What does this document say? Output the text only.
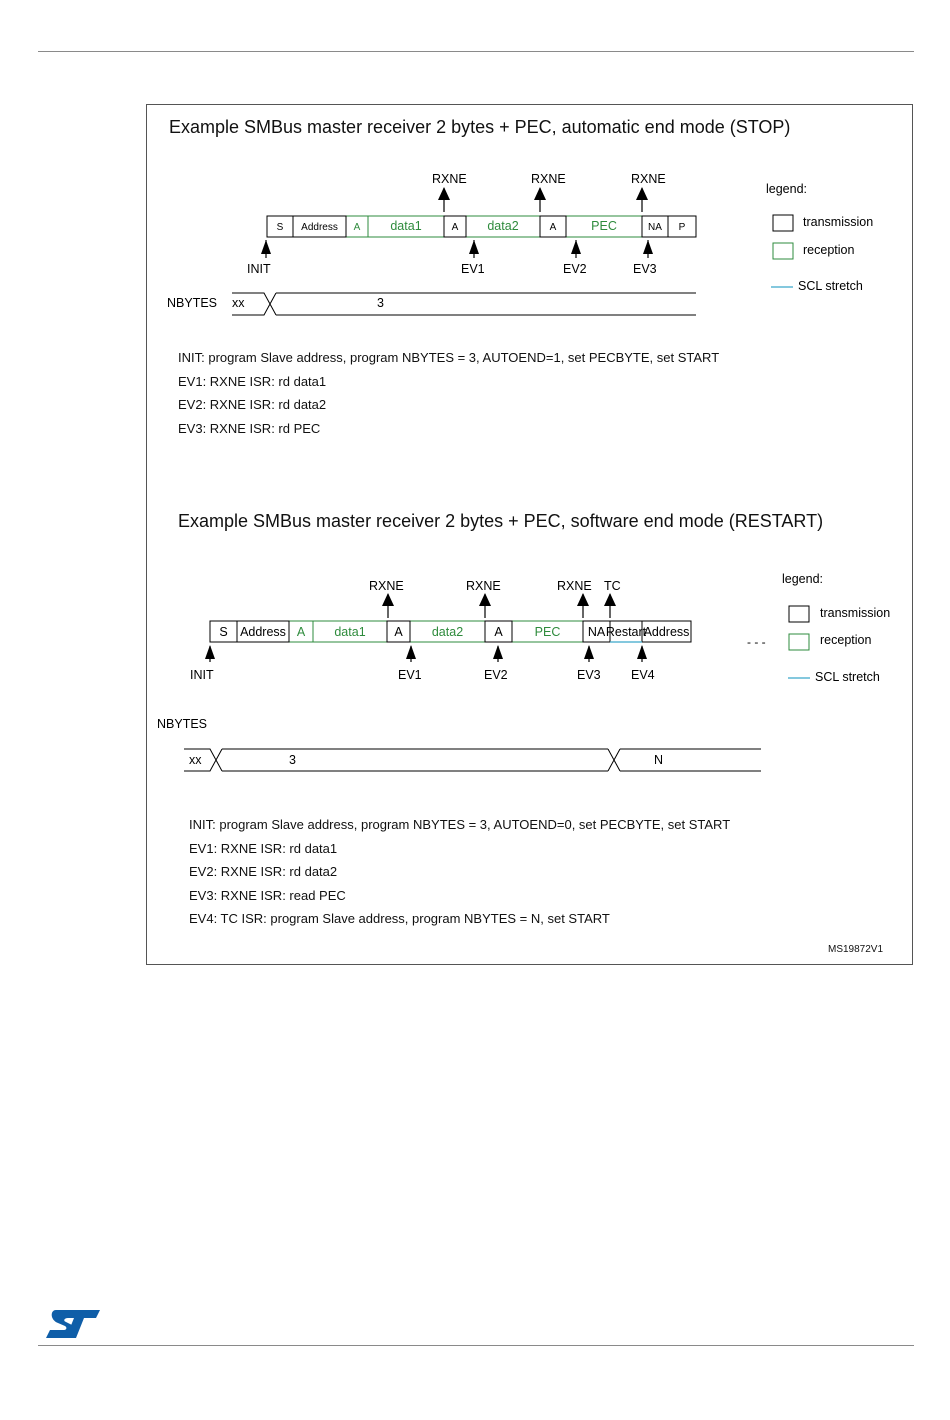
Example SMBus master receiver 2 bytes + PEC, automatic end mode (STOP)
S Address A data1	A data2	A	PEC	NA P
RXNE	RXNE	RXNE
INIT	EV1	EV2	EV3
NBYTES xx	3
legend:
transmission
reception
SCL stretch
INIT: program Slave address, program NBYTES = 3, AUTOEND=1, set PECBYTE, set START
EV1: RXNE ISR: rd data1
EV2: RXNE ISR: rd data2
EV3: RXNE ISR: rd PEC
Example SMBus master receiver 2 bytes + PEC, software end mode (RESTART)
S Address A data1 A data2 A	PEC NA Restart
Address
- - -
RXNE	RXNE	RXNE TC
INIT	EV1	EV2	EV3 EV4
NBYTES
xx	3	N
legend:
transmission
reception
SCL stretch
INIT: program Slave address, program NBYTES = 3, AUTOEND=0, set PECBYTE, set START
EV1: RXNE ISR: rd data1
EV2: RXNE ISR: rd data2
EV3: RXNE ISR: read PEC
EV4: TC ISR: program Slave address, program NBYTES = N, set START
MS19872V1
